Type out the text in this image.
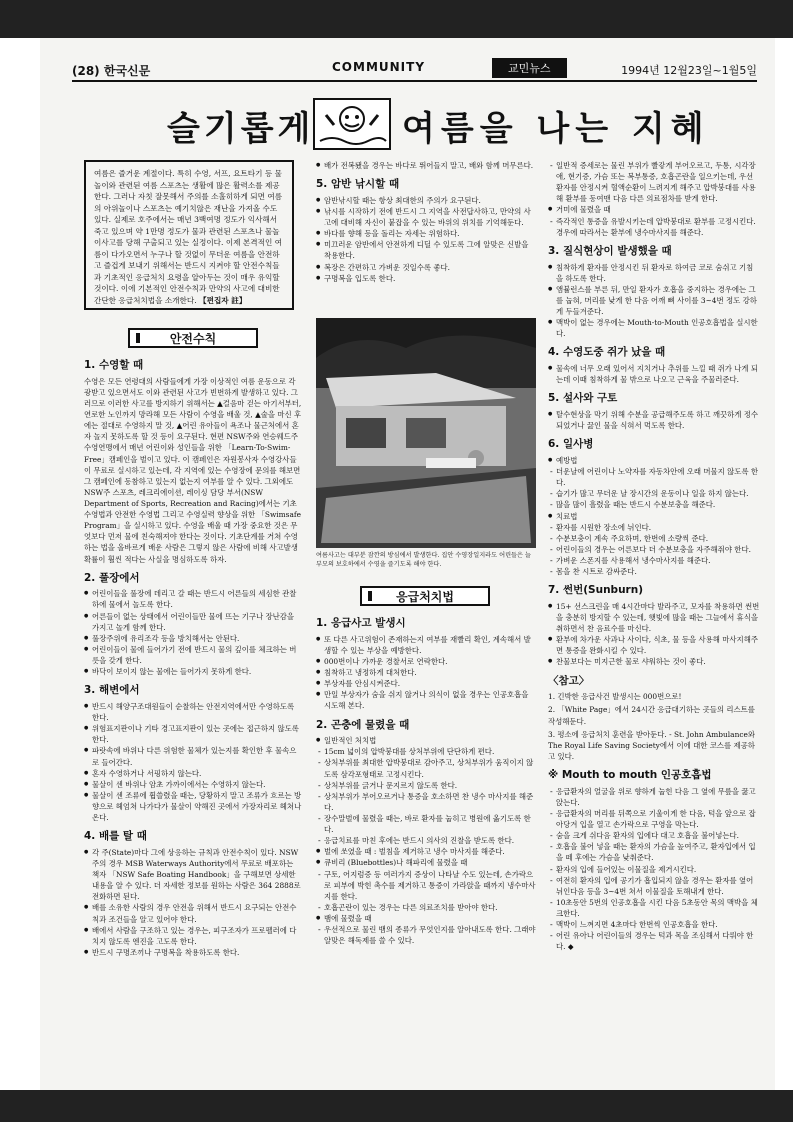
(28) 한국신문	COMMUNITY	교민뉴스	1994년 12월23일~1월5일
슬기롭게	여름을 나는 지혜
여름은 즐거운 계절이다. 특히 수영, 서프, 요트타기 등 물놀이와 관련된 여름 스포츠는 생활에 많은 활력소를 제공한다. 그러나 자칫 잘못해서 주의를 소홀히하게 되면 여름의 아위놀이나 스포츠는 예기치않은 재난을 가져올 수도 있다. 실제로 호주에서는 매년 3백여명 정도가 익사해서 죽고 있으며 약 1만명 정도가 물과 관련된 스포츠나 물놀이사고를 당해 구출되고 있는 실정이다. 이제 본격적인 여름이 다가오면서 누구나 할 것없이 무더운 여름을 안전하고 즐겁게 보내기 위해서는 반드시 지켜야 할 안전수칙들과 기초적인 응급처치 요령을 알아두는 것이 매우 유익할 것이다. 이에 기본적인 안전수칙과 만약의 사고에 대비한 간단한 응급처치법을 소개한다. 【편집자 註】
안전수칙
1. 수영할 때

수영은 모든 연령대의 사람들에게 가장 이상적인 여름 운동으로 각광받고 있으면서도 이와 관련된 사고가 빈번하게 발생하고 있다. 그러므로 이러한 사고를 방지하기 위해서는 ▲걸음마 걷는 아기서부터, 연로한 노인까지 망라해 모든 사람이 수영을 배울 것, ▲술을 마신 후에는 절대로 수영하지 말 것, ▲어린 유아들이 욕조나 물근처에서 혼자 놀지 못하도록 할 것 등이 요구된다. 현편 NSW주와 연승웨드주 수영연맹에서 매년 어린이와 성인들을 위한 「Learn-To-Swim-Free」캠페인을 벌이고 있다. 이 캠페인은 자원봉사자 수영강사들이 무료로 실시하고 있는데, 각 지역에 있는 수영장에 문의를 해보면 그 캠페인에 동참하고 있는지 없는지 여부를 알 수 있다. 그외에도 NSW주 스포츠, 레크리에이션, 레이싱 담당 부서(NSW Department of Sports, Recreation and Racing)에서는 기초수영법과 안전한 수영법 그리고 수영실력 향상을 위한 「Swimsafe Program」을 실시하고 있다. 수영을 배울 때 가장 중요한 것은 무엇보다 먼저 물에 친숙해져야 한다는 것이다. 기초단계를 거쳐 수영하는 법을 올바르게 배운 사람은 그렇지 않은 사람에 비해 사고발생 확률이 훨씬 적다는 사실을 명심하도록 하자.

2. 풀장에서
● 어린이들을 풀장에 데리고 갈 때는 반드시 어른들의 세심한 관찰 하에 물에서 놀도록 한다.
● 어른들이 없는 상태에서 어린이들만 물에 뜨는 기구나 장난감을 가지고 놀게 함께 한다.
● 풀장주위에 유리조각 등을 방치해서는 안된다.
● 어린이들이 물에 들어가기 전에 반드시 물의 깊이를 체크하는 버릇을 갖게 한다.
● 바닥이 보이지 않는 물에는 들어가지 못하게 한다.
3. 해변에서
● 반드시 해양구조대원들이 순찰하는 안전지역에서만 수영하도록 한다.
● 위험표지판이나 기타 경고표지판이 있는 곳에는 접근하지 않도록 한다.
● 파랏속에 바위나 다른 위험한 물체가 있는지를 확인한 후 물속으로 들어간다.
● 혼자 수영하거나 서핑하지 않는다.
● 물살이 센 바위나 암초 가까이에서는 수영하지 않는다.
● 물살이 센 조류에 휩쓸렸을 때는, 당황하지 말고 조류가 흐르는 방향으로 헤엄쳐 나가다가 물살이 약해진 곳에서 가장자리로 헤쳐나온다.
4. 배를 탈 때
● 각 주(State)마다 그에 상응하는 규칙과 안전수칙이 있다. NSW주의 경우 MSB Waterways Authority에서 무료로 배포하는 책자 「NSW Safe Boating Handbook」을 구해보면 상세한 내용을 알 수 있다. 더 자세한 정보를 원하는 사람은 364 2888로 전화하면 된다.
● 배를 소유한 사람의 경우 안전을 위해서 반드시 요구되는 안전수칙과 조건들을 알고 있어야 한다.
● 배에서 사람을 구조하고 있는 경우는, 피구조자가 프로펠러에 다치지 않도록 엔진을 고도록 한다.
● 반드시 구명조끼나 구명복을 착용하도록 한다.
● 배가 전복됐을 경우는 바다로 뛰어들지 말고, 배와 함께 머무른다.
5. 암반 낚시할 때
● 암반낚시할 때는 항상 최대한의 주의가 요구된다.
● 낚시를 시작하기 전에 반드시 그 지역을 사전답사하고, 만약의 사고에 대비해 자신이 붙잡을 수 있는 바위의 위치를 기억해둔다.
● 바다를 향해 등을 돌리는 자세는 위험하다.
● 미끄러운 암반에서 안전하게 디딜 수 있도록 그에 알맞은 신발을 착용한다.
● 복장은 간편하고 가벼운 것일수록 좋다.
● 구명복을 입도록 한다.
여름사고는 대부분 잠깐의 방심에서 발생한다. 집안 수영장일지라도 어린들은 늘 부모의 보호하에서 수영을 즐기도록 해야 한다.
응급처치법
1. 응급사고 발생시
● 또 다른 사고위험이 존재하는지 여부를 재빨리 확인, 계속해서 발생할 수 있는 부상을 예방한다.
● 000번이나 가까운 경찰서로 연락한다.
● 침착하고 냉정하게 대처한다.
● 부상자를 안심시켜준다.
● 만일 부상자가 숨을 쉬지 않거나 의식이 없을 경우는 인공호흡을 시도해 본다.
2. 곤충에 물렸을 때
● 일반적인 처치법
- 15cm 넓이의 압박붕대를 상처부위에 단단하게 편다.
- 상처부위를 최대한 압박붕대로 감아주고, 상처부위가 움직이지 않도록 삼각포형태로 고정시킨다.
- 상처부위를 긁거나 문지르지 않도록 한다.
- 상처부위가 부어오르거나 통증을 호소하면 찬 냉수 마사지를 해준다.
- 장수말벌에 물렸을 때는, 바로 환자를 눕히고 병원에 옮기도록 한다.
- 응급치료를 마친 후에는 반드시 의사의 진찰을 받도록 한다.
● 벌에 쏘였을 때 : 벌침을 제거하고 냉수 마사지를 해준다.
● 큐비리 (Bluebottles)나 해파리에 물렸을 때
- 구토, 어지럼증 등 여러가지 증상이 나타날 수도 있는데, 손가락으로 피부에 박힌 촉수를 제거하고 통증이 가라앉을 때까지 냉수마사지를 한다.
- 호흡곤란이 있는 경우는 다른 의료조치를 받아야 한다.
● 뱀에 물렸을 때
- 우선적으로 물린 뱀의 종류가 무엇인지를 알아내도록 한다. 그래야 알맞은 해독제를 쓸 수 있다.
- 일반적 증세로는 물린 부위가 빨갛게 부어오르고, 두통, 시각장애, 현기증, 가슴 또는 복부통증, 호흡곤란을 일으키는데, 우선 환자를 안정시켜 혈액순환이 느려지게 해주고 압박붕대를 사용해 환부를 동여맨 다음 다른 의료점차를 받게 한다.
● 거미에 물렸을 때
- 즉각적인 통증을 유발시키는데 압박붕대로 환부를 고정시킨다. 경우에 따라서는 환부에 냉수마사지를 해준다.
3. 질식현상이 발생했을 때
● 침착하게 환자를 안정시킨 뒤 환자로 하여금 코로 숨쉬고 기침을 하도록 한다.
● 앰뷸런스를 부른 뒤, 만일 환자가 호흡을 중지하는 경우에는 그를 눕혀, 머리를 낮게 한 다음 어깨 뼈 사이를 3~4번 정도 강하게 두들겨준다.
● 맥박이 없는 경우에는 Mouth-to-Mouth 인공호흡법을 실시한다.
4. 수영도중 쥐가 났을 때
● 물속에 너무 오래 있어서 지치거나 추위를 느낄 때 쥐가 나게 되는데 이때 침착하게 물 밖으로 나오고 근육을 주물러준다.
5. 설사와 구토
● 탈수현상을 막기 위해 수분을 공급해주도록 하고 깨끗하게 정수되었거나 끓인 물을 식혀서 먹도록 한다.
6. 일사병
● 예방법
- 더운날에 어린이나 노약자를 자동차안에 오래 머물지 않도록 한다.
- 습기가 많고 무더운 날 장시간의 운동이나 일을 하지 않는다.
- 많을 많이 흘렸을 때는 반드시 수분보충을 해준다.
● 치료법
- 환자를 시원한 장소에 뉘인다.
- 수분보충이 계속 주요하며, 한번에 소량씩 준다.
- 어린이들의 경우는 어른보다 더 수분보충을 자주해줘야 한다.
- 가벼운 스폰지를 사용해서 냉수마사지를 해준다.
- 몸을 찬 시트로 감싸준다.
7. 썬번(Sunburn)
● 15+ 선스크린을 매 4시간마다 발라주고, 모자를 착용하면 썬번을 충분히 방지할 수 있는데, 햇빛에 많을 때는 그늘에서 휴식을 취하면서 찬 음료수를 마신다.
● 환부에 차가운 사과나 사이다, 식초, 물 등을 사용해 마사지해주면 통증을 완화시킬 수 있다.
● 찬물보다는 미지근한 물로 샤워하는 것이 좋다.
〈참고〉

1. 긴박한 응급사건 발생시는 000번으로!

2. 「White Page」에서 24시간 응급대기하는 곳들의 리스트를 작성해둔다.

3. 평소에 응급처치 훈련을 받아둔다. - St. John Ambulance와 The Royal Life Saving Society에서 이에 대한 코스를 제공하고 있다.

※ Mouth to mouth 인공호흡법
- 응급환자의 얼굴을 위로 향하게 눕힌 다음 그 옆에 무릎을 꿇고 앉는다.
- 응급환자의 머리를 뒤쪽으로 기울이게 한 다음, 턱을 앞으로 잡아당겨 입을 열고 손가락으로 구영을 막는다.
- 숨을 크게 쉬다음 환자의 입에다 대고 호흡을 불어넣는다.
- 호흡을 불어 넣을 때는 환자의 가슴을 높여주고, 환자입에서 입을 떼 후에는 가슴을 낮춰준다.
- 환자의 입에 들어있는 이물질을 제거시킨다.
- 여전히 환자의 입에 공기가 흡입되지 않을 경우는 환자를 옆어 뉘인다음 등을 3~4번 쳐서 이물질을 토해내게 한다.
- 10초동안 5번의 인공호흡을 시킨 다음 5초동안 목의 맥박을 체크한다.
- 맥박이 느껴지면 4초마다 한번씩 인공호흡을 한다.
- 어린 유아나 어린이들의 경우는 턱과 목을 조심해서 다뤄야 한다. ◆
